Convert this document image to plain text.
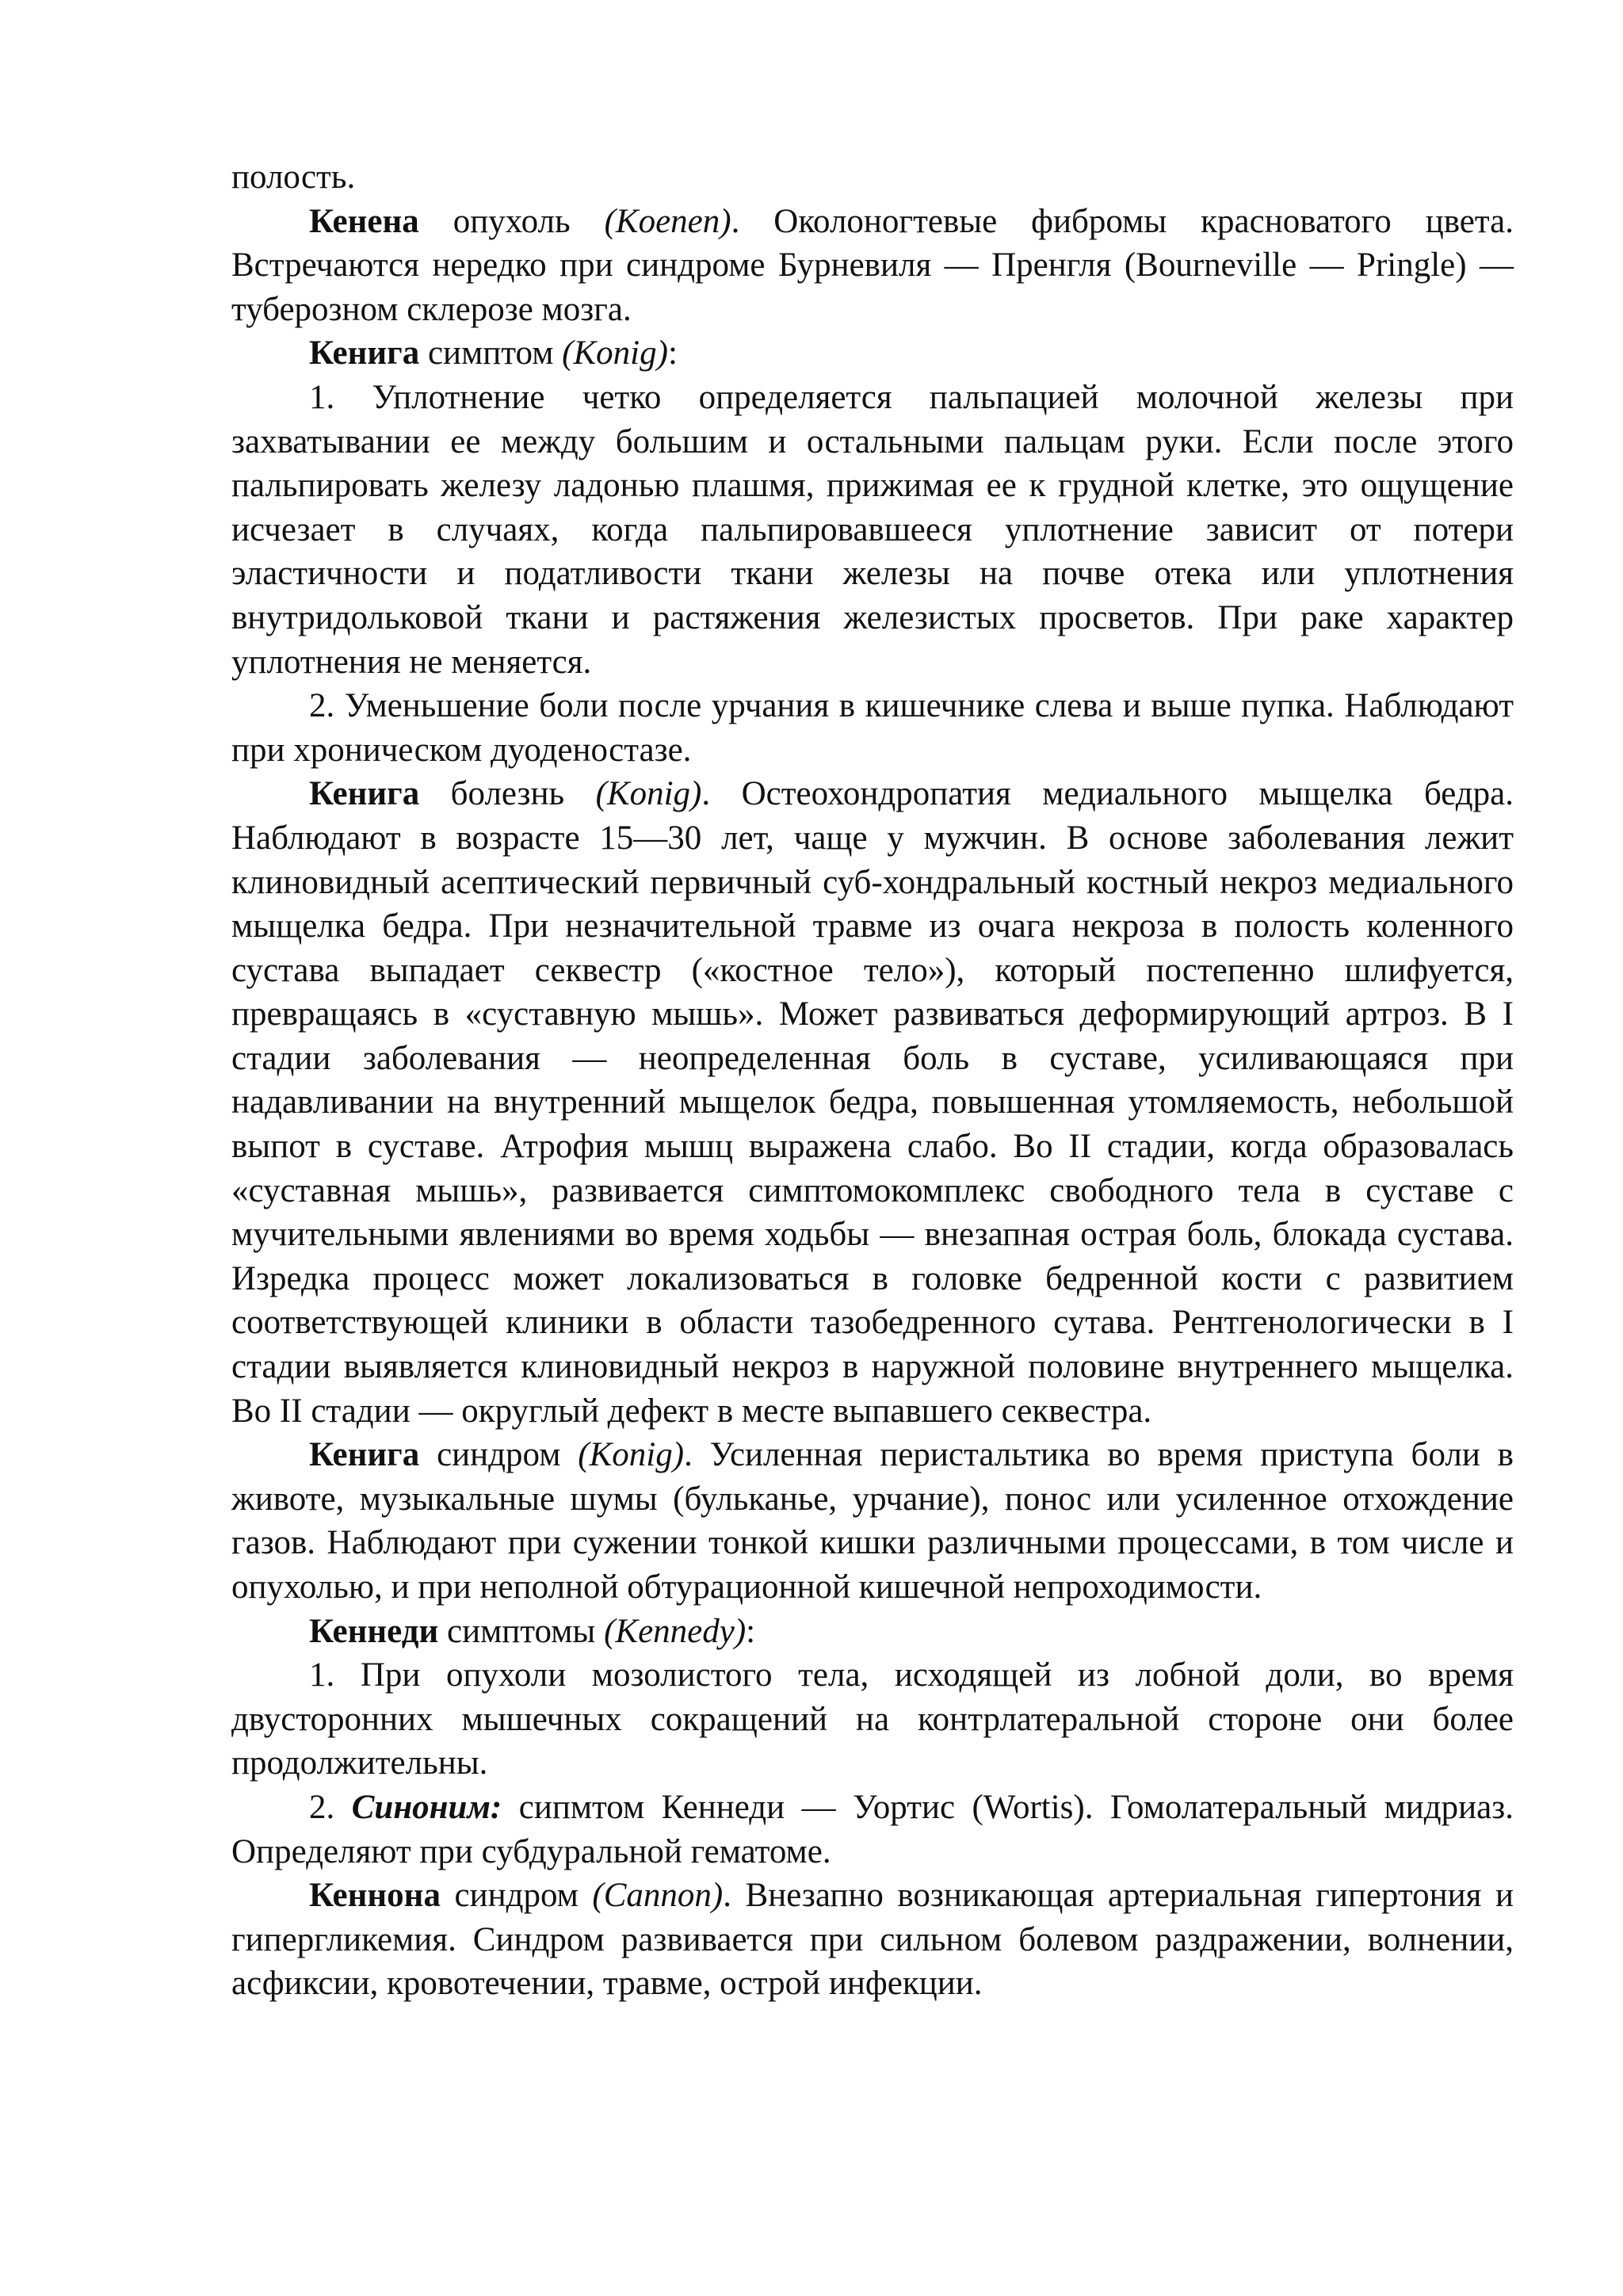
полость.

Кенена опухоль (Koenen). Околоногтевые фибромы красноватого цвета. Встречаются нередко при синдроме Бурневиля — Пренгля (Bourneville — Pringle) — туберозном склерозе мозга.

Кенига симптом (Konig):

1. Уплотнение четко определяется пальпацией молочной железы при захватывании ее между большим и остальными пальцам руки. Если после этого пальпировать железу ладонью плашмя, прижимая ее к грудной клетке, это ощущение исчезает в случаях, когда пальпировавшееся уплотнение зависит от потери эластичности и податливости ткани железы на почве отека или уплотнения внутридольковой ткани и растяжения железистых просветов. При раке характер уплотнения не меняется.

2. Уменьшение боли после урчания в кишечнике слева и выше пупка. Наблюдают при хроническом дуоденостазе.

Кенига болезнь (Konig). Остеохондропатия медиального мыщелка бедра. Наблюдают в возрасте 15—30 лет, чаще у мужчин. В основе заболевания лежит клиновидный асептический первичный суб-хондральный костный некроз медиального мыщелка бедра. При незначительной травме из очага некроза в полость коленного сустава выпадает секвестр («костное тело»), который постепенно шлифуется, превращаясь в «суставную мышь». Может развиваться деформирующий артроз. В I стадии заболевания — неопределенная боль в суставе, усиливающаяся при надавливании на внутренний мыщелок бедра, повышенная утомляемость, небольшой выпот в суставе. Атрофия мышц выражена слабо. Во II стадии, когда образовалась «суставная мышь», развивается симптомокомплекс свободного тела в суставе с мучительными явлениями во время ходьбы — внезапная острая боль, блокада сустава. Изредка процесс может локализоваться в головке бедренной кости с развитием соответствующей клиники в области тазобедренного сутава. Рентгенологически в I стадии выявляется клиновидный некроз в наружной половине внутреннего мыщелка. Во II стадии — округлый дефект в месте выпавшего секвестра.

Кенига синдром (Konig). Усиленная перистальтика во время приступа боли в животе, музыкальные шумы (бульканье, урчание), понос или усиленное отхождение газов. Наблюдают при сужении тонкой кишки различными процессами, в том числе и опухолью, и при неполной обтурационной кишечной непроходимости.

Кеннеди симптомы (Kennedy):

1. При опухоли мозолистого тела, исходящей из лобной доли, во время двусторонних мышечных сокращений на контрлатеральной стороне они более продолжительны.

2. Синоним: сипмтом Кеннеди — Уортис (Wortis). Гомолатеральный мидриаз. Определяют при субдуральной гематоме.

Кеннона синдром (Cannon). Внезапно возникающая артериальная гипертония и гипергликемия. Синдром развивается при сильном болевом раздражении, волнении, асфиксии, кровотечении, травме, острой инфекции.
